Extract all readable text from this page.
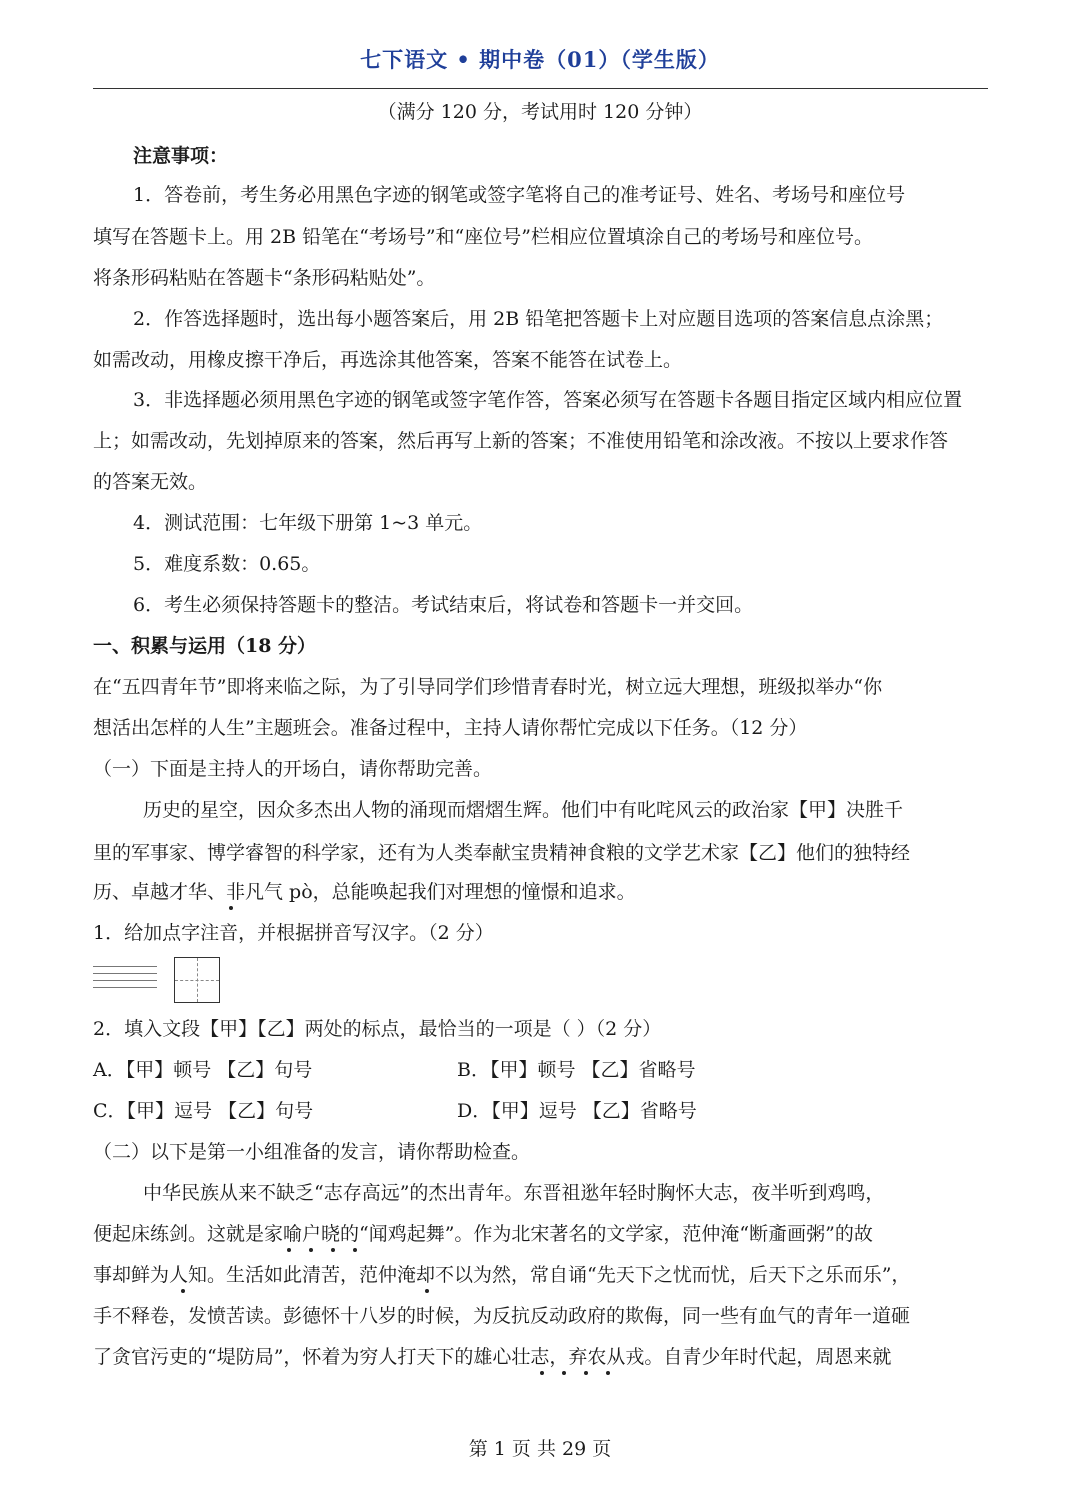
七下语文 • 期中卷（01）（学生版）
（满分 120 分，考试用时 120 分钟）
注意事项：
1．答卷前，考生务必用黑色字迹的钢笔或签字笔将自己的准考证号、姓名、考场号和座位号
填写在答题卡上。用 2B 铅笔在“考场号”和“座位号”栏相应位置填涂自己的考场号和座位号。
将条形码粘贴在答题卡“条形码粘贴处”。
2．作答选择题时，选出每小题答案后，用 2B 铅笔把答题卡上对应题目选项的答案信息点涂黑；
如需改动，用橡皮擦干净后，再选涂其他答案，答案不能答在试卷上。
3．非选择题必须用黑色字迹的钢笔或签字笔作答，答案必须写在答题卡各题目指定区域内相应位置
上；如需改动，先划掉原来的答案，然后再写上新的答案；不准使用铅笔和涂改液。不按以上要求作答
的答案无效。
4．测试范围：七年级下册第 1~3 单元。
5．难度系数：0.65。
6．考生必须保持答题卡的整洁。考试结束后，将试卷和答题卡一并交回。
一、积累与运用（18 分）
在“五四青年节”即将来临之际，为了引导同学们珍惜青春时光，树立远大理想，班级拟举办“你
想活出怎样的人生”主题班会。准备过程中，主持人请你帮忙完成以下任务。（12 分）
（一）下面是主持人的开场白，请你帮助完善。
历史的星空，因众多杰出人物的涌现而熠熠生辉。他们中有叱咤风云的政治家【甲】决胜千
里的军事家、博学睿智的科学家，还有为人类奉献宝贵精神食粮的文学艺术家【乙】他们的独特经
历、卓越才华、非凡气 pò，总能唤起我们对理想的憧憬和追求。
1．给加点字注音，并根据拼音写汉字。（2 分）
2．填入文段【甲】【乙】两处的标点，最恰当的一项是（ ）（2 分）
A．【甲】顿号 【乙】句号	B．【甲】顿号 【乙】省略号
C．【甲】逗号 【乙】句号	D．【甲】逗号 【乙】省略号
（二）以下是第一小组准备的发言，请你帮助检查。
中华民族从来不缺乏“志存高远”的杰出青年。东晋祖逖年轻时胸怀大志，夜半听到鸡鸣，
便起床练剑。这就是家喻户晓的“闻鸡起舞”。作为北宋著名的文学家，范仲淹“断齑画粥”的故
事却鲜为人知。生活如此清苦，范仲淹却不以为然，常自诵“先天下之忧而忧，后天下之乐而乐”，
手不释卷，发愤苦读。彭德怀十八岁的时候，为反抗反动政府的欺侮，同一些有血气的青年一道砸
了贪官污吏的“堤防局”，怀着为穷人打天下的雄心壮志，弃农从戎。自青少年时代起，周恩来就
第 1 页 共 29 页
